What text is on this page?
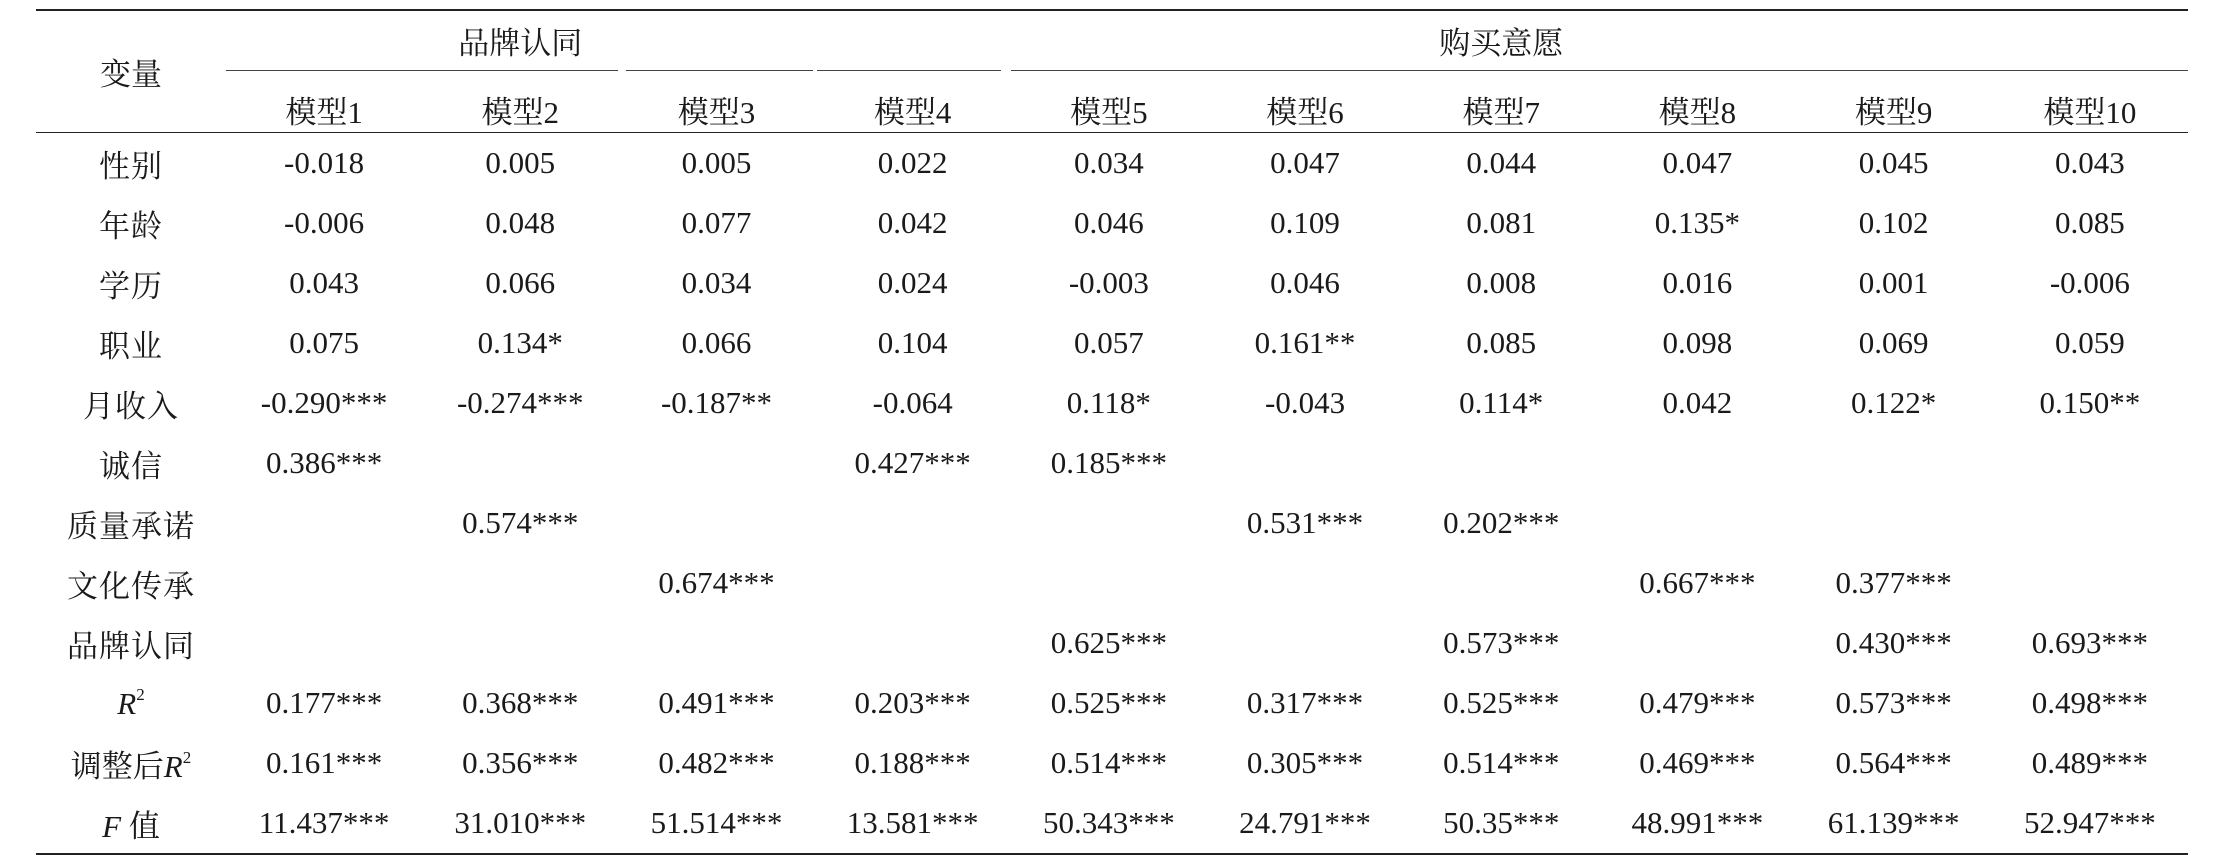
变量	品牌认同			购买意愿						

	模型1	模型2	模型3	模型4	模型5	模型6	模型7	模型8	模型9	模型10

性别	-0.018	0.005	0.005	0.022	0.034	0.047	0.044	0.047	0.045	0.043
年龄	-0.006	0.048	0.077	0.042	0.046	0.109	0.081	0.135*	0.102	0.085
学历	0.043	0.066	0.034	0.024	-0.003	0.046	0.008	0.016	0.001	-0.006
职业	0.075	0.134*	0.066	0.104	0.057	0.161**	0.085	0.098	0.069	0.059
月收入	-0.290***	-0.274***	-0.187**	-0.064	0.118*	-0.043	0.114*	0.042	0.122*	0.150**
诚信	0.386***			0.427***	0.185***					
质量承诺		0.574***				0.531***	0.202***			
文化传承			0.674***					0.667***	0.377***	
品牌认同					0.625***		0.573***		0.430***	0.693***
$R^2$	0.177***	0.368***	0.491***	0.203***	0.525***	0.317***	0.525***	0.479***	0.573***	0.498***
调整后$R^2$	0.161***	0.356***	0.482***	0.188***	0.514***	0.305***	0.514***	0.469***	0.564***	0.489***
F 值	11.437***	31.010***	51.514***	13.581***	50.343***	24.791***	50.35***	48.991***	61.139***	52.947***
